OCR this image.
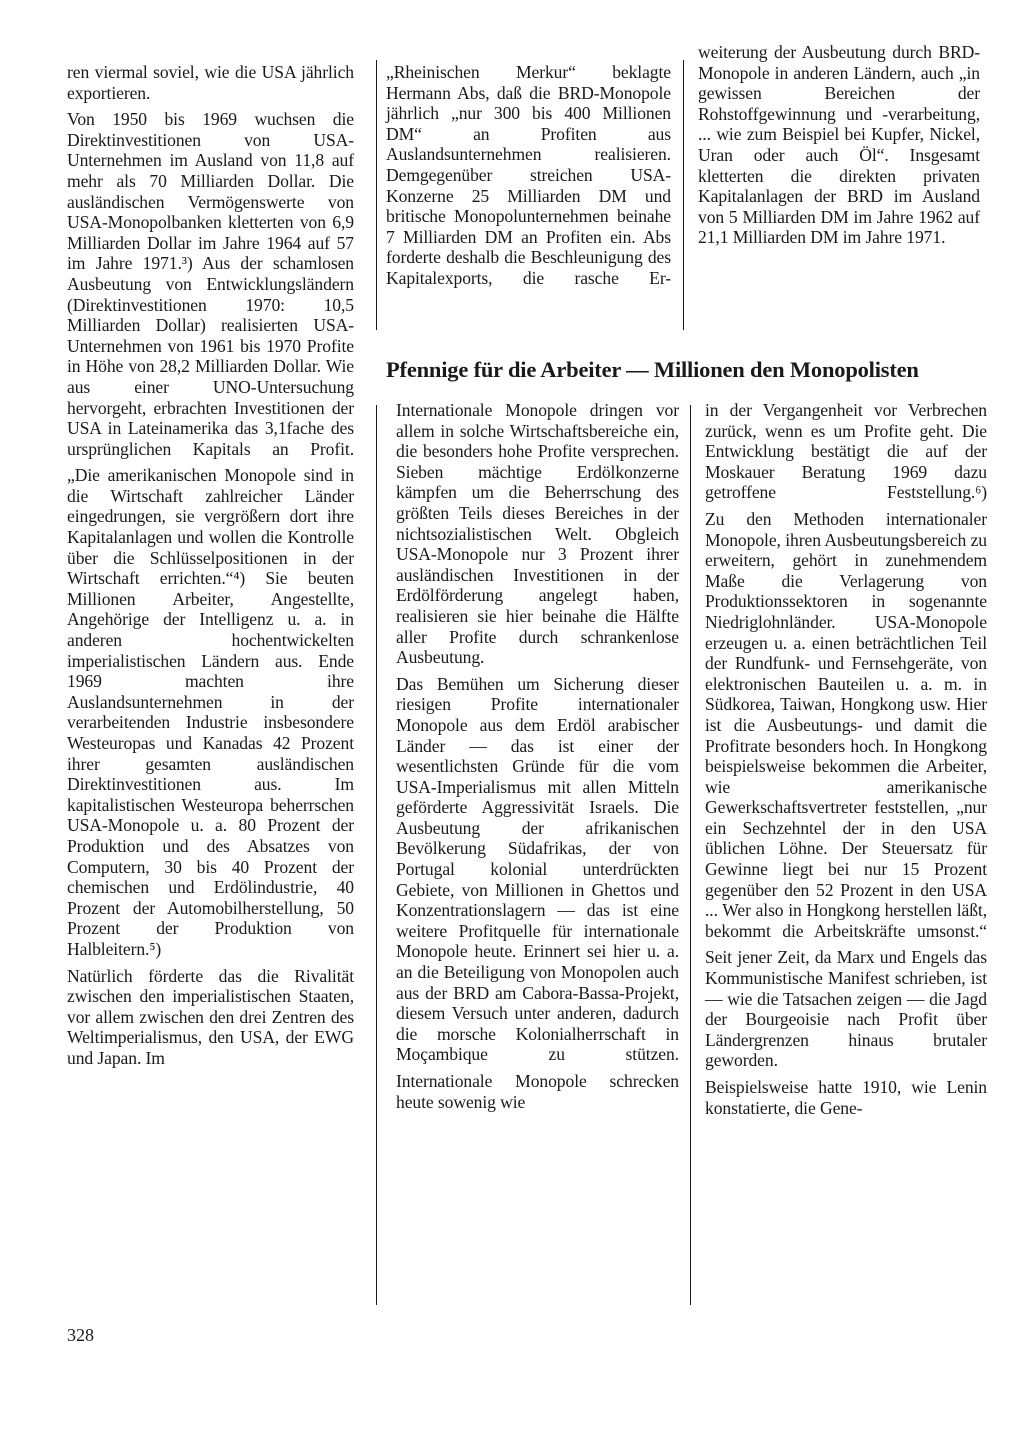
ren viermal soviel, wie die USA jährlich exportieren.

Von 1950 bis 1969 wuchsen die Direktinvestitionen von USA-Unternehmen im Ausland von 11,8 auf mehr als 70 Milliarden Dollar. Die ausländischen Vermögenswerte von USA-Monopolbanken kletterten von 6,9 Milliarden Dollar im Jahre 1964 auf 57 im Jahre 1971.³) Aus der schamlosen Ausbeutung von Entwicklungsländern (Direktinvestitionen 1970: 10,5 Milliarden Dollar) realisierten USA-Unternehmen von 1961 bis 1970 Profite in Höhe von 28,2 Milliarden Dollar. Wie aus einer UNO-Untersuchung hervorgeht, erbrachten Investitionen der USA in Lateinamerika das 3,1fache des ursprünglichen Kapitals an Profit.

„Die amerikanischen Monopole sind in die Wirtschaft zahlreicher Länder eingedrungen, sie vergrößern dort ihre Kapitalanlagen und wollen die Kontrolle über die Schlüsselpositionen in der Wirtschaft errichten.“⁴) Sie beuten Millionen Arbeiter, Angestellte, Angehörige der Intelligenz u. a. in anderen hochentwickelten imperialistischen Ländern aus. Ende 1969 machten ihre Auslandsunternehmen in der verarbeitenden Industrie insbesondere Westeuropas und Kanadas 42 Prozent ihrer gesamten ausländischen Direktinvestitionen aus. Im kapitalistischen Westeuropa beherrschen USA-Monopole u. a. 80 Prozent der Produktion und des Absatzes von Computern, 30 bis 40 Prozent der chemischen und Erdölindustrie, 40 Prozent der Automobilherstellung, 50 Prozent der Produktion von Halbleitern.⁵)

Natürlich förderte das die Rivalität zwischen den imperialistischen Staaten, vor allem zwischen den drei Zentren des Weltimperialismus, den USA, der EWG und Japan. Im

„Rheinischen Merkur“ beklagte Hermann Abs, daß die BRD-Monopole jährlich „nur 300 bis 400 Millionen DM“ an Profiten aus Auslandsunternehmen realisieren. Demgegenüber streichen USA-Konzerne 25 Milliarden DM und britische Monopolunternehmen beinahe 7 Milliarden DM an Profiten ein. Abs forderte deshalb die Beschleunigung des Kapitalexports, die rasche Er-

weiterung der Ausbeutung durch BRD-Monopole in anderen Ländern, auch „in gewissen Bereichen der Rohstoffgewinnung und -verarbeitung, ... wie zum Beispiel bei Kupfer, Nickel, Uran oder auch Öl“. Insgesamt kletterten die direkten privaten Kapitalanlagen der BRD im Ausland von 5 Milliarden DM im Jahre 1962 auf 21,1 Milliarden DM im Jahre 1971.

Pfennige für die Arbeiter — Millionen den Monopolisten

Internationale Monopole dringen vor allem in solche Wirtschaftsbereiche ein, die besonders hohe Profite versprechen. Sieben mächtige Erdölkonzerne kämpfen um die Beherrschung des größten Teils dieses Bereiches in der nichtsozialistischen Welt. Obgleich USA-Monopole nur 3 Prozent ihrer ausländischen Investitionen in der Erdölförderung angelegt haben, realisieren sie hier beinahe die Hälfte aller Profite durch schrankenlose Ausbeutung.

Das Bemühen um Sicherung dieser riesigen Profite internationaler Monopole aus dem Erdöl arabischer Länder — das ist einer der wesentlichsten Gründe für die vom USA-Imperialismus mit allen Mitteln geförderte Aggressivität Israels. Die Ausbeutung der afrikanischen Bevölkerung Südafrikas, der von Portugal kolonial unterdrückten Gebiete, von Millionen in Ghettos und Konzentrationslagern — das ist eine weitere Profitquelle für internationale Monopole heute. Erinnert sei hier u. a. an die Beteiligung von Monopolen auch aus der BRD am Cabora-Bassa-Projekt, diesem Versuch unter anderen, dadurch die morsche Kolonialherrschaft in Moçambique zu stützen.

Internationale Monopole schrecken heute sowenig wie

in der Vergangenheit vor Verbrechen zurück, wenn es um Profite geht. Die Entwicklung bestätigt die auf der Moskauer Beratung 1969 dazu getroffene Feststellung.⁶)

Zu den Methoden internationaler Monopole, ihren Ausbeutungsbereich zu erweitern, gehört in zunehmendem Maße die Verlagerung von Produktionssektoren in sogenannte Niedriglohnländer. USA-Monopole erzeugen u. a. einen beträchtlichen Teil der Rundfunk- und Fernsehgeräte, von elektronischen Bauteilen u. a. m. in Südkorea, Taiwan, Hongkong usw. Hier ist die Ausbeutungs- und damit die Profitrate besonders hoch. In Hongkong beispielsweise bekommen die Arbeiter, wie amerikanische Gewerkschaftsvertreter feststellen, „nur ein Sechzehntel der in den USA üblichen Löhne. Der Steuersatz für Gewinne liegt bei nur 15 Prozent gegenüber den 52 Prozent in den USA ... Wer also in Hongkong herstellen läßt, bekommt die Arbeitskräfte umsonst.“

Seit jener Zeit, da Marx und Engels das Kommunistische Manifest schrieben, ist — wie die Tatsachen zeigen — die Jagd der Bourgeoisie nach Profit über Ländergrenzen hinaus brutaler geworden.

Beispielsweise hatte 1910, wie Lenin konstatierte, die Gene-

328
